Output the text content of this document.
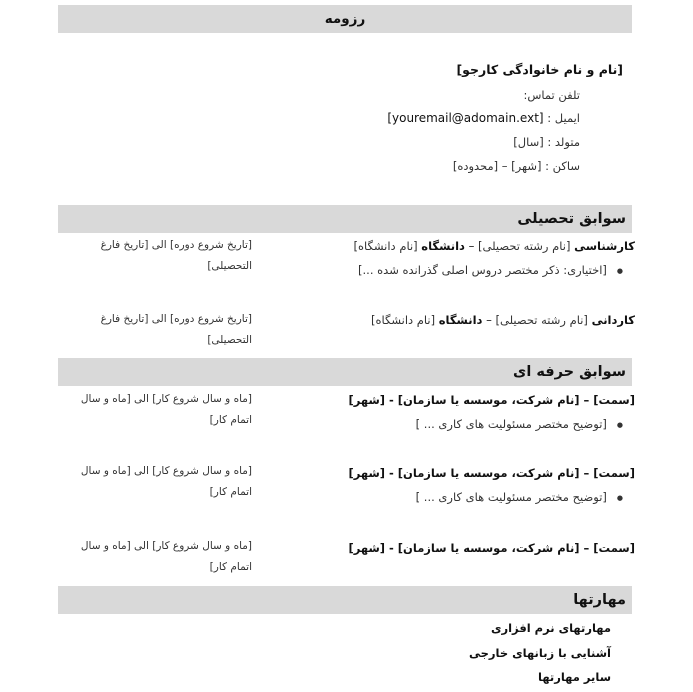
رزومه
[نام و نام خانوادگی کارجو]
تلفن تماس:
ایمیل : [youremail@adomain.ext]
متولد : [سال]
ساکن : [شهر] – [محدوده]
سوابق تحصیلی
کارشناسی [نام رشته تحصیلی] – دانشگاه [نام دانشگاه]
● [اختیاری: ذکر مختصر دروس اصلی گذرانده شده ...]
[تاریخ شروع دوره] الی [تاریخ فارغ
التحصیلی]
کاردانی [نام رشته تحصیلی] – دانشگاه [نام دانشگاه]
[تاریخ شروع دوره] الی [تاریخ فارغ
التحصیلی]
سوابق حرفه ای
[سمت] – [نام شرکت، موسسه یا سازمان] - [شهر]
● [توضیح مختصر مسئولیت های کاری ... ]
[ماه و سال شروع کار] الی [ماه و سال
اتمام کار]
[سمت] – [نام شرکت، موسسه یا سازمان] - [شهر]
● [توضیح مختصر مسئولیت های کاری ... ]
[ماه و سال شروع کار] الی [ماه و سال
اتمام کار]
[سمت] – [نام شرکت، موسسه یا سازمان] - [شهر]
[ماه و سال شروع کار] الی [ماه و سال
اتمام کار]
مهارتها
مهارتهای نرم افزاری
آشنایی با زبانهای خارجی
سایر مهارتها
